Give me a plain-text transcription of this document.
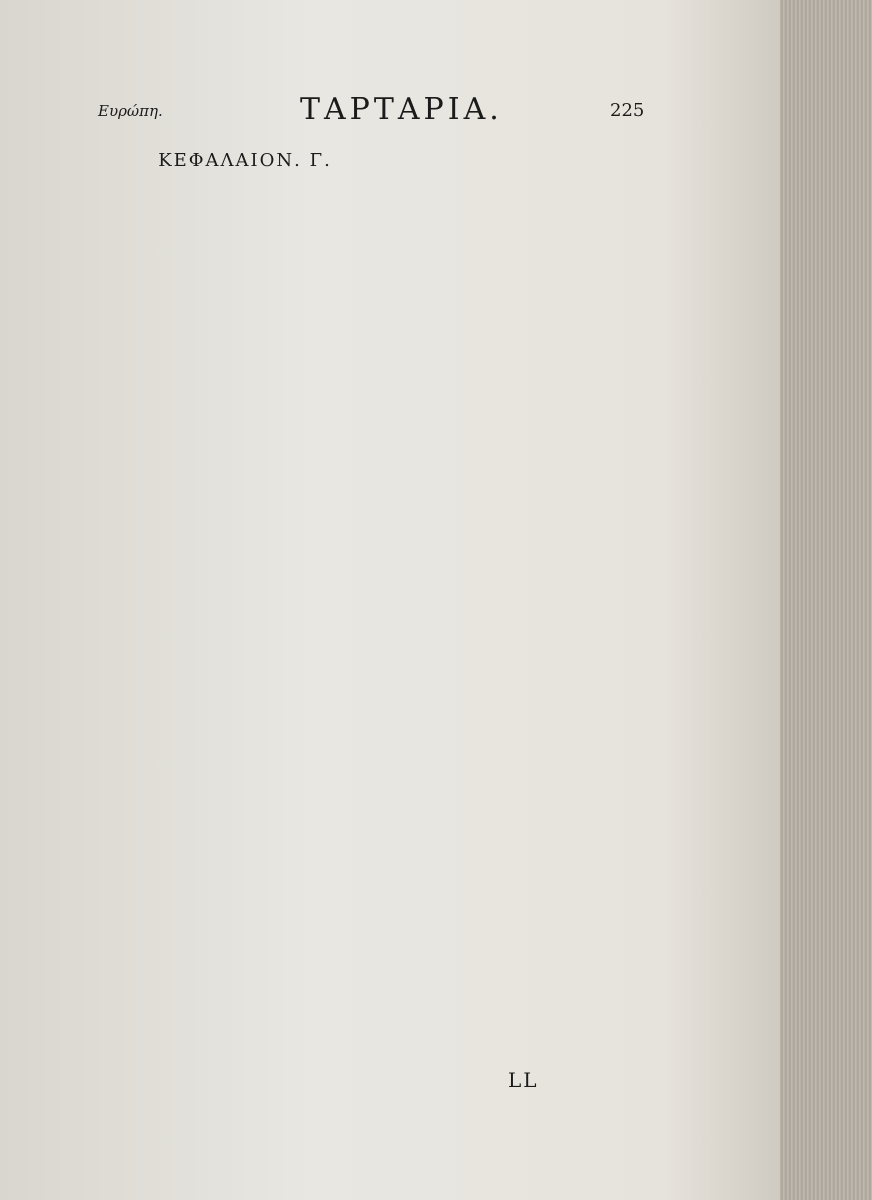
Ευρώπη.	ΤΑΡΤΑΡΙΑ.	225
ΚΕΦΑΛΑΙΟΝ. Γ.
LL
